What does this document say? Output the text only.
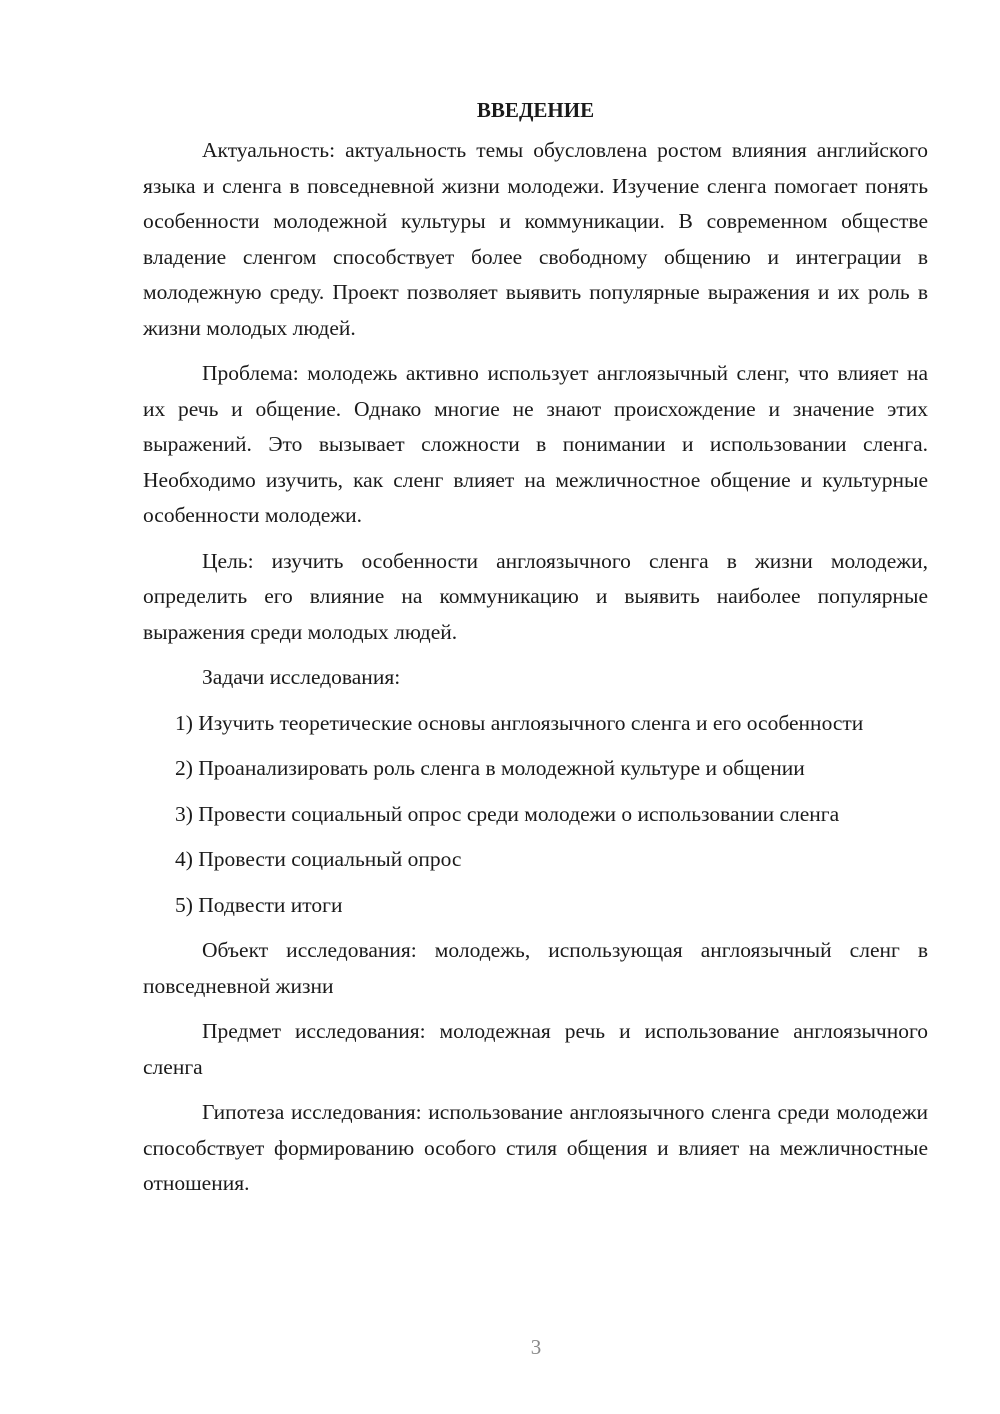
ВВЕДЕНИЕ

Актуальность: актуальность темы обусловлена ростом влияния английского языка и сленга в повседневной жизни молодежи. Изучение сленга помогает понять особенности молодежной культуры и коммуникации. В современном обществе владение сленгом способствует более свободному общению и интеграции в молодежную среду. Проект позволяет выявить популярные выражения и их роль в жизни молодых людей.

Проблема: молодежь активно использует англоязычный сленг, что влияет на их речь и общение. Однако многие не знают происхождение и значение этих выражений. Это вызывает сложности в понимании и использовании сленга. Необходимо изучить, как сленг влияет на межличностное общение и культурные особенности молодежи.

Цель: изучить особенности англоязычного сленга в жизни молодежи, определить его влияние на коммуникацию и выявить наиболее популярные выражения среди молодых людей.

Задачи исследования:

1) Изучить теоретические основы англоязычного сленга и его особенности

2) Проанализировать роль сленга в молодежной культуре и общении

3) Провести социальный опрос среди молодежи о использовании сленга

4) Провести социальный опрос

5) Подвести итоги

Объект исследования: молодежь, использующая англоязычный сленг в повседневной жизни

Предмет исследования: молодежная речь и использование англоязычного сленга

Гипотеза исследования: использование англоязычного сленга среди молодежи способствует формированию особого стиля общения и влияет на межличностные отношения.

3
